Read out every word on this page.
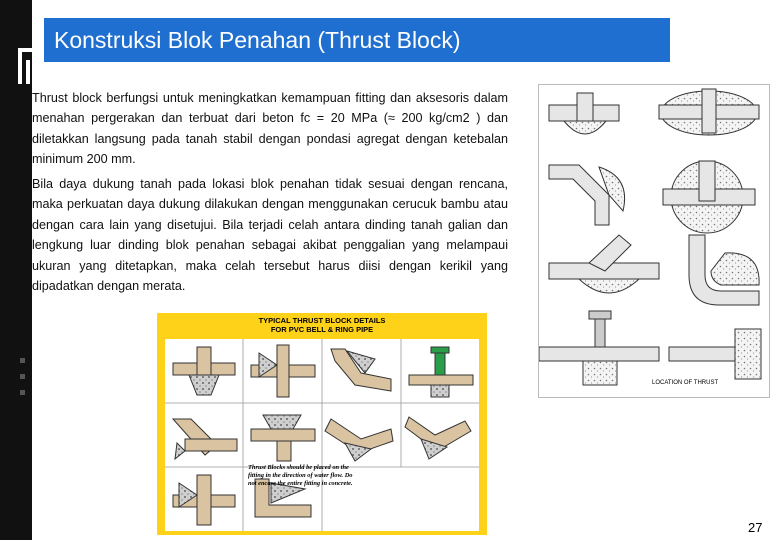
Konstruksi Blok Penahan (Thrust Block)
Thrust block berfungsi untuk meningkatkan kemampuan fitting dan aksesoris dalam menahan pergerakan dan terbuat dari beton fc = 20 MPa (≈ 200 kg/cm2 ) dan diletakkan langsung pada tanah stabil dengan pondasi agregat dengan ketebalan minimum 200 mm.
Bila daya dukung tanah pada lokasi blok penahan tidak sesuai dengan rencana, maka perkuatan daya dukung dilakukan dengan menggunakan cerucuk bambu atau dengan cara lain yang disetujui. Bila terjadi celah antara dinding tanah galian dan lengkung luar dinding blok penahan sebagai akibat penggalian yang melampaui ukuran yang ditetapkan, maka celah tersebut harus diisi dengan kerikil yang dipadatkan dengan merata.
LOCATION OF THRUST
TYPICAL THRUST BLOCK DETAILS
FOR PVC BELL & RING PIPE
Thrust Blocks should be placed on the fitting in the direction of water flow. Do not encase the entire fitting in concrete.
27
